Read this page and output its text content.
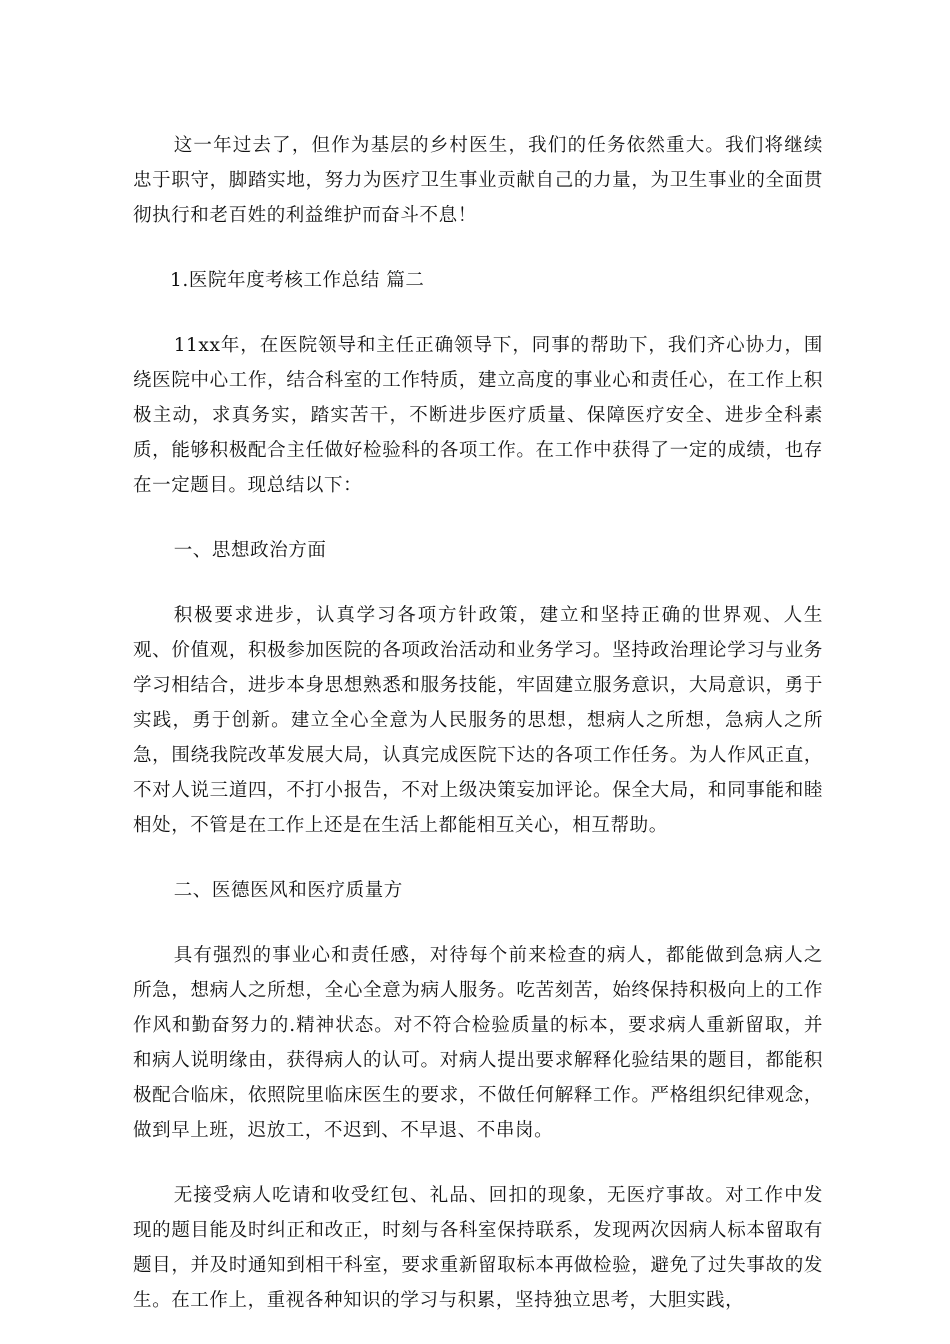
这一年过去了，但作为基层的乡村医生，我们的任务依然重大。我们将继续忠于职守，脚踏实地，努力为医疗卫生事业贡献自己的力量，为卫生事业的全面贯彻执行和老百姓的利益维护而奋斗不息！

1.医院年度考核工作总结 篇二

11xx年，在医院领导和主任正确领导下，同事的帮助下，我们齐心协力，围绕医院中心工作，结合科室的工作特质，建立高度的事业心和责任心，在工作上积极主动，求真务实，踏实苦干，不断进步医疗质量、保障医疗安全、进步全科素质，能够积极配合主任做好检验科的各项工作。在工作中获得了一定的成绩，也存在一定题目。现总结以下：

一、思想政治方面

积极要求进步，认真学习各项方针政策，建立和坚持正确的世界观、人生观、价值观，积极参加医院的各项政治活动和业务学习。坚持政治理论学习与业务学习相结合，进步本身思想熟悉和服务技能，牢固建立服务意识，大局意识，勇于实践，勇于创新。建立全心全意为人民服务的思想，想病人之所想，急病人之所急，围绕我院改革发展大局，认真完成医院下达的各项工作任务。为人作风正直，不对人说三道四，不打小报告，不对上级决策妄加评论。保全大局，和同事能和睦相处，不管是在工作上还是在生活上都能相互关心，相互帮助。

二、医德医风和医疗质量方

具有强烈的事业心和责任感，对待每个前来检查的病人，都能做到急病人之所急，想病人之所想，全心全意为病人服务。吃苦刻苦，始终保持积极向上的工作作风和勤奋努力的.精神状态。对不符合检验质量的标本，要求病人重新留取，并和病人说明缘由，获得病人的认可。对病人提出要求解释化验结果的题目，都能积极配合临床，依照院里临床医生的要求，不做任何解释工作。严格组织纪律观念，做到早上班，迟放工，不迟到、不早退、不串岗。

无接受病人吃请和收受红包、礼品、回扣的现象，无医疗事故。对工作中发现的题目能及时纠正和改正，时刻与各科室保持联系，发现两次因病人标本留取有题目，并及时通知到相干科室，要求重新留取标本再做检验，避免了过失事故的发生。在工作上，重视各种知识的学习与积累，坚持独立思考，大胆实践，
